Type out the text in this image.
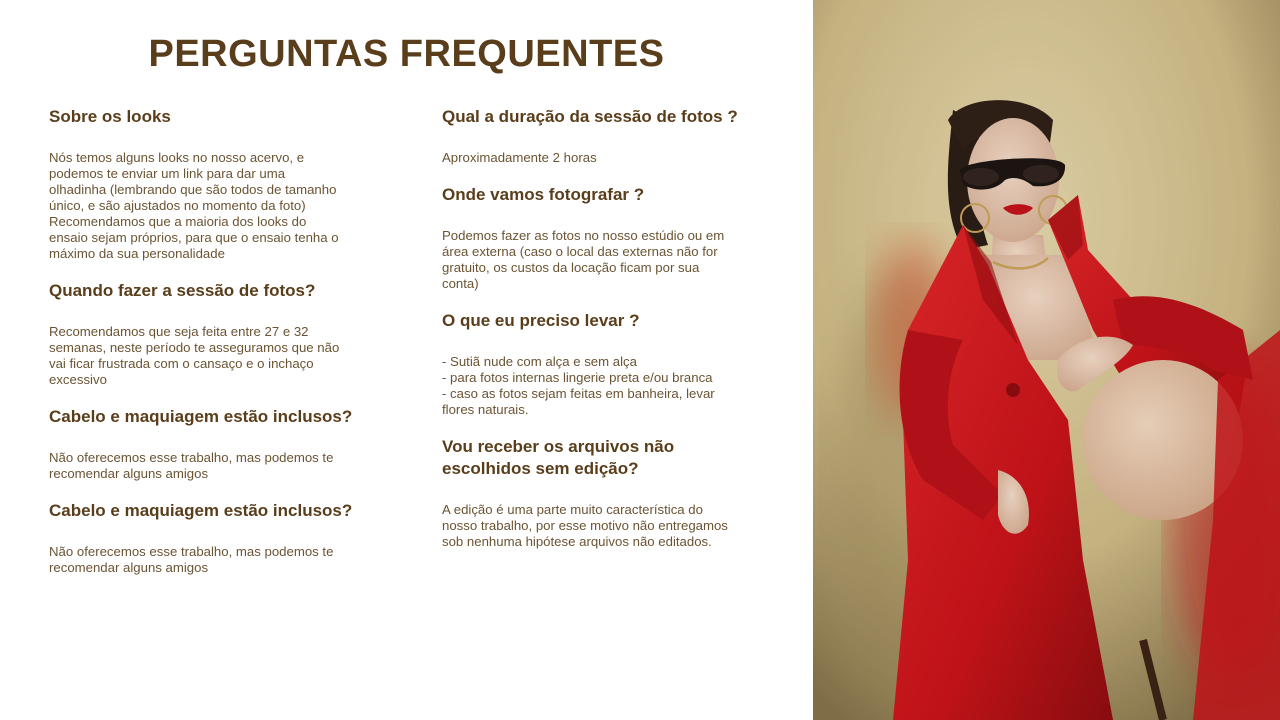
PERGUNTAS FREQUENTES
Sobre os looks

Nós temos alguns looks no nosso acervo, e
podemos te enviar um link para dar uma
olhadinha (lembrando que são todos de tamanho
único, e são ajustados no momento da foto)
Recomendamos que a maioria dos looks do
ensaio sejam próprios, para que o ensaio tenha o
máximo da sua personalidade

Quando fazer a sessão de fotos?

Recomendamos que seja feita entre 27 e 32
semanas, neste período te asseguramos que não
vai ficar frustrada com o cansaço e o inchaço
excessivo

Cabelo e maquiagem estão inclusos?

Não oferecemos esse trabalho, mas podemos te
recomendar alguns amigos

Cabelo e maquiagem estão inclusos?

Não oferecemos esse trabalho, mas podemos te
recomendar alguns amigos

Qual a duração da sessão de fotos ?

Aproximadamente 2 horas

Onde vamos fotografar ?

Podemos fazer as fotos no nosso estúdio ou em
área externa (caso o local das externas não for
gratuito, os custos da locação ficam por sua
conta)

O que eu preciso levar ?

- Sutiã nude com alça e sem alça
- para fotos internas lingerie preta e/ou branca
- caso as fotos sejam feitas em banheira, levar
flores naturais.

Vou receber os arquivos não
escolhidos sem edição?

A edição é uma parte muito característica do
nosso trabalho, por esse motivo não entregamos
sob nenhuma hipótese arquivos não editados.
